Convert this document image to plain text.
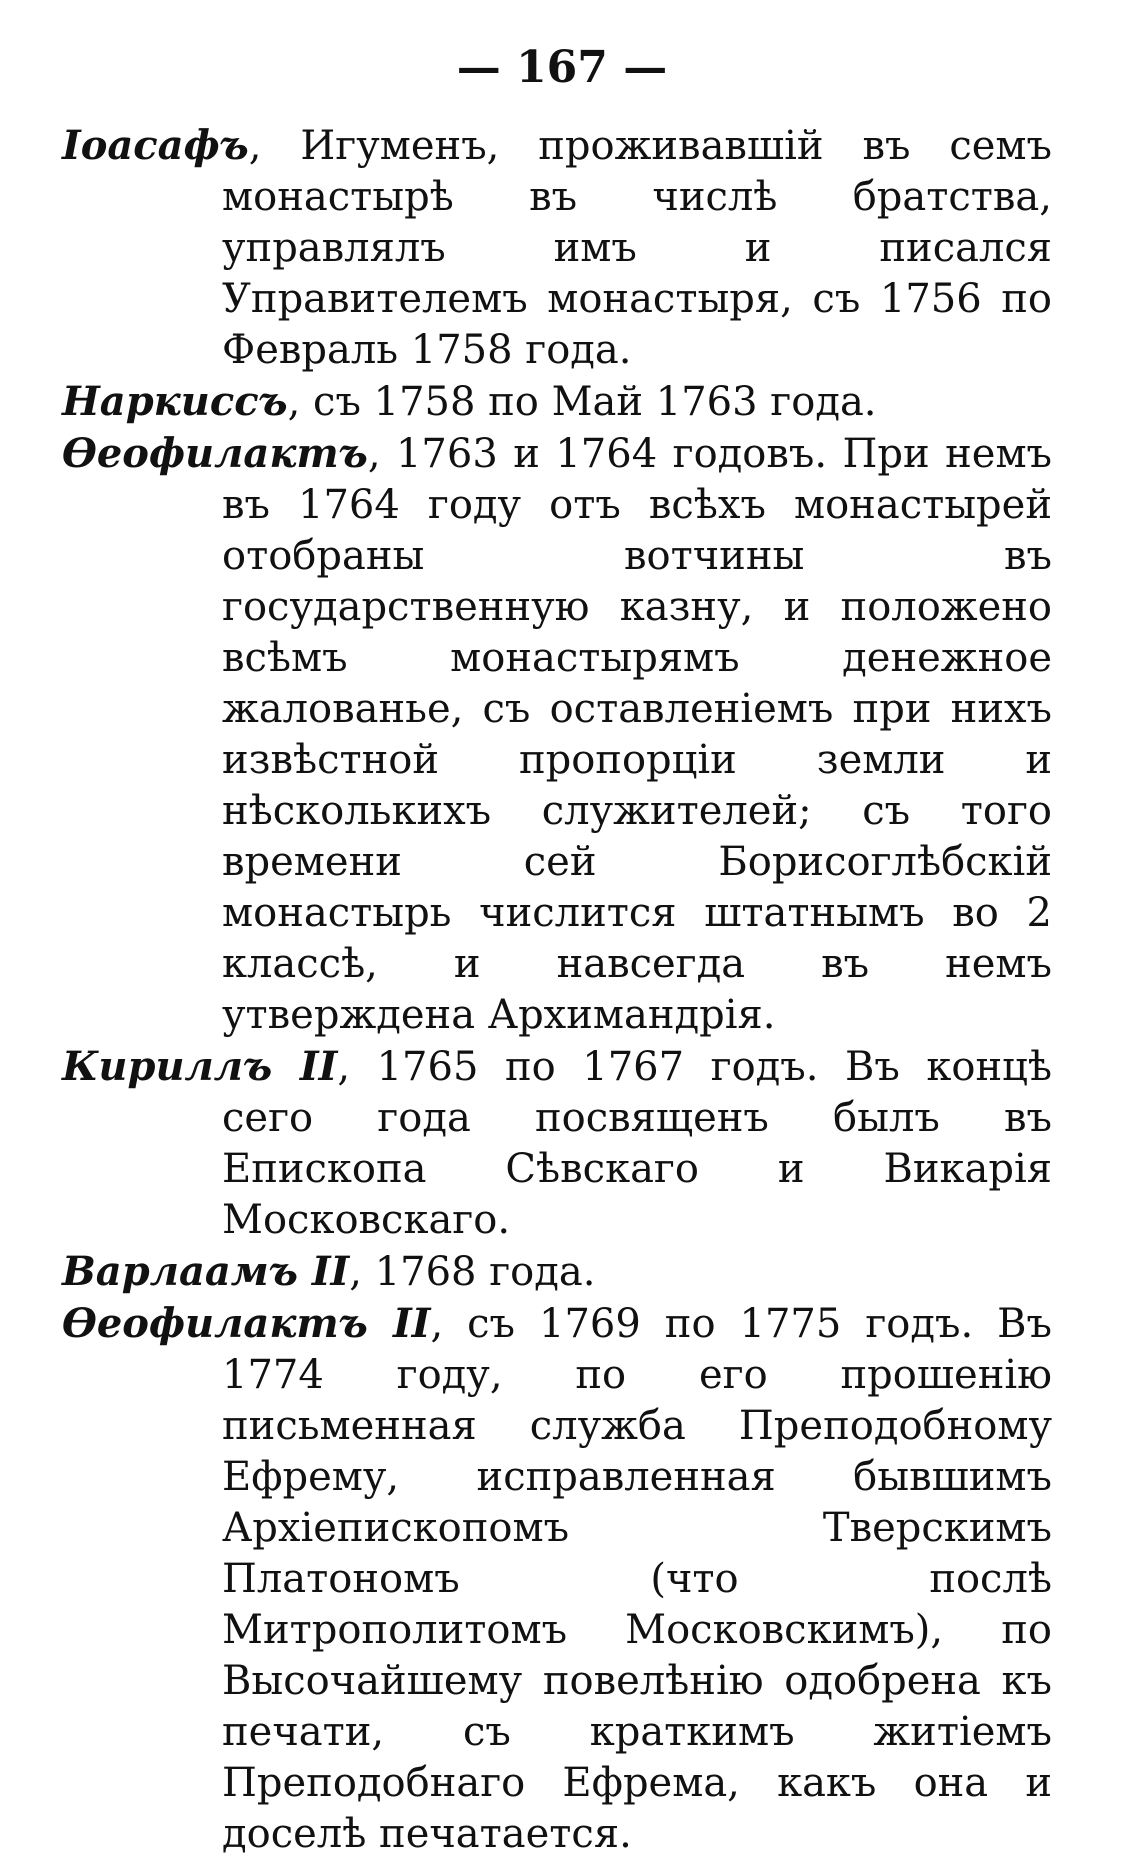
— 167 —

Іоасафъ, Игуменъ, проживавшій въ семъ монастырѣ въ числѣ братства, управлялъ имъ и писался Управителемъ монастыря, съ 1756 по Февраль 1758 года.

Наркиссъ, съ 1758 по Май 1763 года.

Ѳеофилактъ, 1763 и 1764 годовъ. При немъ въ 1764 году отъ всѣхъ монастырей отобраны вотчины въ государственную казну, и положено всѣмъ монастырямъ денежное жалованье, съ оставленіемъ при нихъ извѣстной пропорціи земли и нѣсколькихъ служителей; съ того времени сей Борисоглѣбскій монастырь числится штатнымъ во 2 классѣ, и навсегда въ немъ утверждена Архимандрія.

Кириллъ II, 1765 по 1767 годъ. Въ концѣ сего года посвященъ былъ въ Епископа Сѣвскаго и Викарія Московскаго.

Варлаамъ II, 1768 года.

Ѳеофилактъ II, съ 1769 по 1775 годъ. Въ 1774 году, по его прошенію письменная служба Преподобному Ефрему, исправленная бывшимъ Архіепископомъ Тверскимъ Платономъ (что послѣ Митрополитомъ Московскимъ), по Высочайшему повелѣнію одобрена къ печати, съ краткимъ житіемъ Преподобнаго Ефрема, какъ она и доселѣ печатается.
